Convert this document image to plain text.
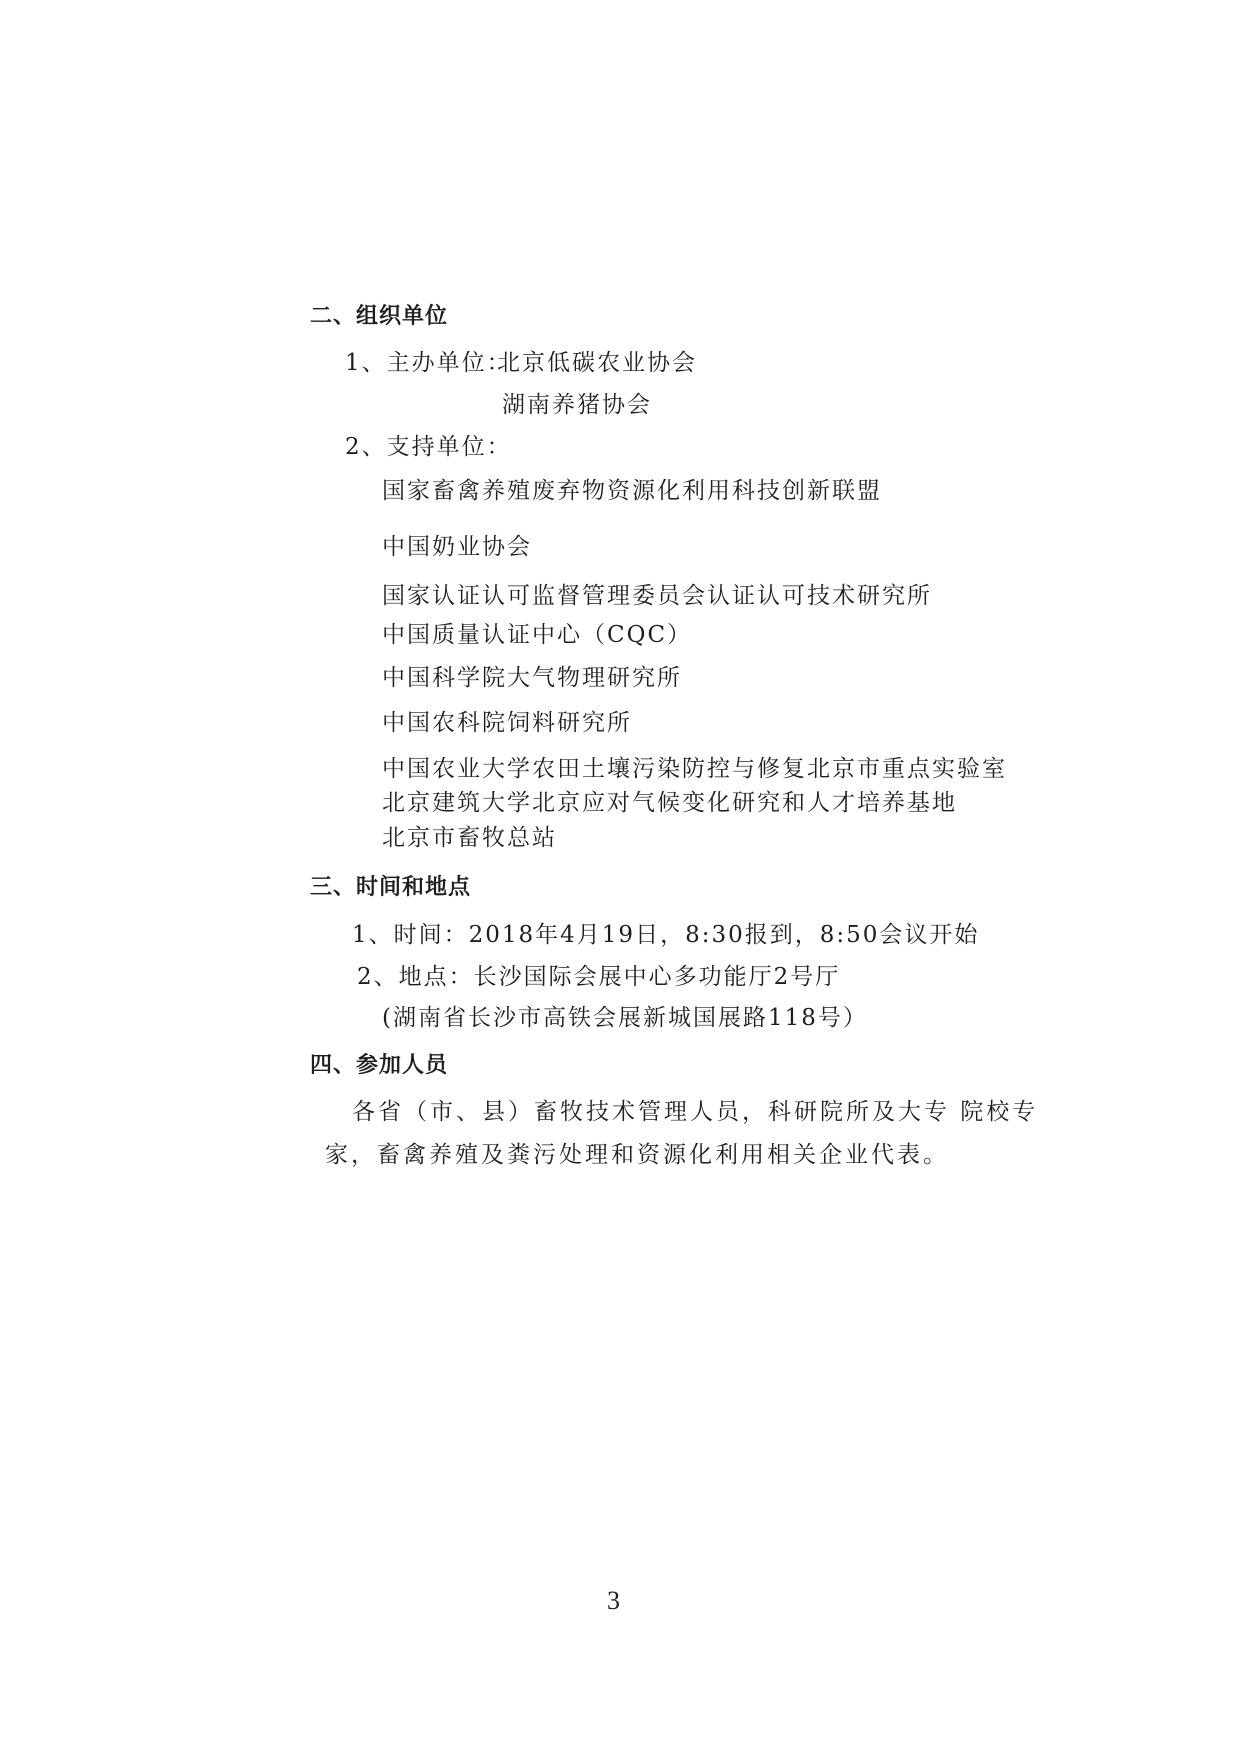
二、组织单位
1、主办单位：
北京低碳农业协会
湖南养猪协会
2、支持单位：
国家畜禽养殖废弃物资源化利用科技创新联盟
中国奶业协会
国家认证认可监督管理委员会认证认可技术研究所
中国质量认证中心（CQC）
中国科学院大气物理研究所
中国农科院饲料研究所
中国农业大学农田土壤污染防控与修复北京市重点实验室
北京建筑大学北京应对气候变化研究和人才培养基地
北京市畜牧总站
三、时间和地点
1、时间：2018年4月19日，8:30报到，8:50会议开始
2、地点：长沙国际会展中心多功能厅2号厅
(湖南省长沙市高铁会展新城国展路118号）
四、参加人员
各省（市、县）畜牧技术管理人员，科研院所及大专 院校专
家，畜禽养殖及粪污处理和资源化利用相关企业代表。
3
